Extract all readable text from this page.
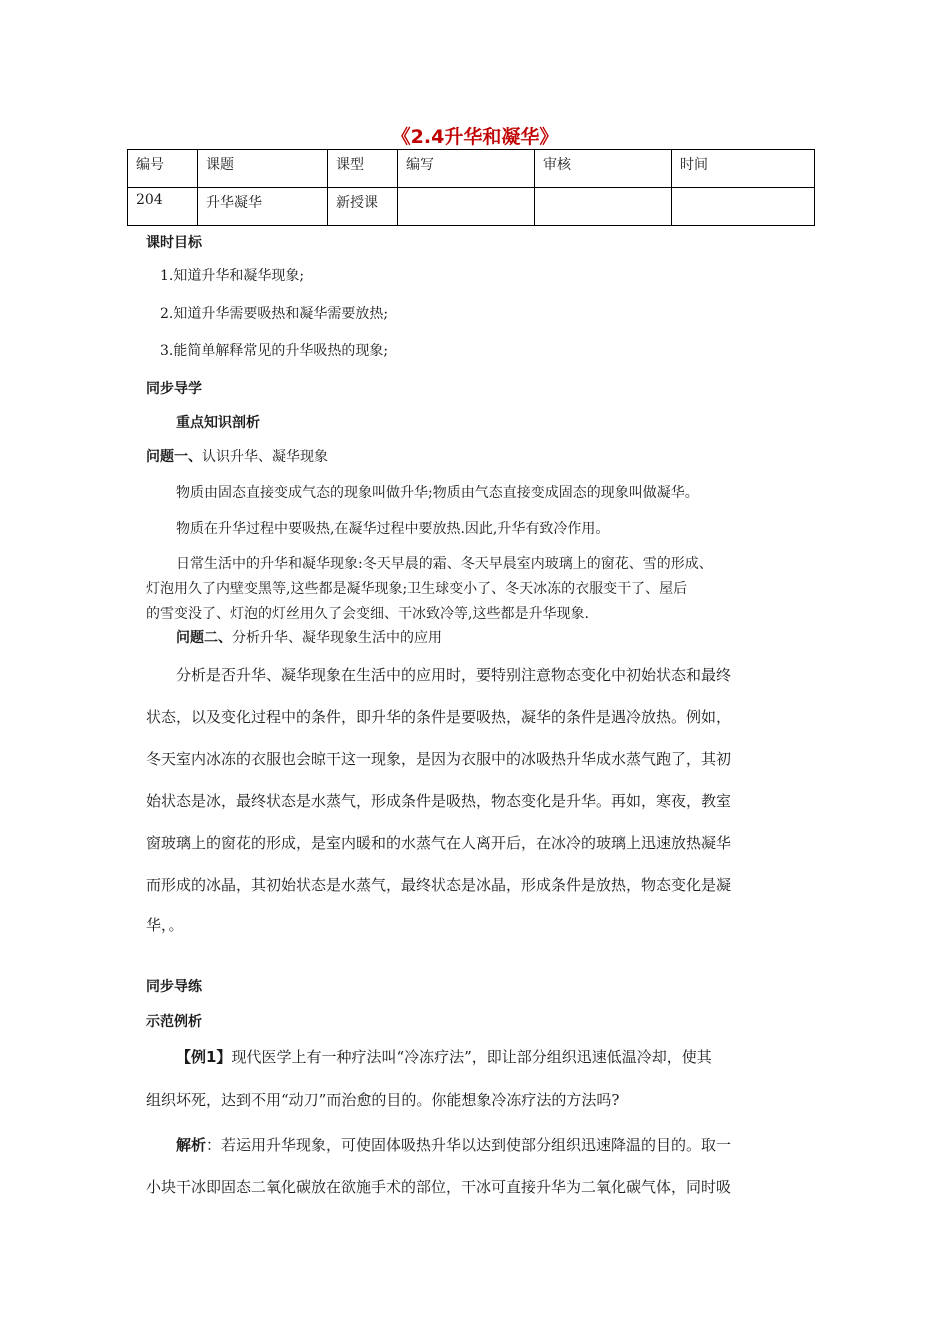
《2.4升华和凝华》
编号	课题	课型	编写	审核	时间
204	升华凝华	新授课			
课时目标
1.知道升华和凝华现象;
2.知道升华需要吸热和凝华需要放热;
3.能简单解释常见的升华吸热的现象;
同步导学
重点知识剖析
问题一、认识升华、凝华现象
物质由固态直接变成气态的现象叫做升华;物质由气态直接变成固态的现象叫做凝华。
物质在升华过程中要吸热,在凝华过程中要放热.因此,升华有致冷作用。
日常生活中的升华和凝华现象:冬天早晨的霜、冬天早晨室内玻璃上的窗花、雪的形成、
灯泡用久了内壁变黑等,这些都是凝华现象;卫生球变小了、冬天冰冻的衣服变干了、屋后
的雪变没了、灯泡的灯丝用久了会变细、干冰致冷等,这些都是升华现象.
问题二、分析升华、凝华现象生活中的应用
分析是否升华、凝华现象在生活中的应用时，要特别注意物态变化中初始状态和最终
状态，以及变化过程中的条件，即升华的条件是要吸热，凝华的条件是遇冷放热。例如，
冬天室内冰冻的衣服也会晾干这一现象，是因为衣服中的冰吸热升华成水蒸气跑了，其初
始状态是冰，最终状态是水蒸气，形成条件是吸热，物态变化是升华。再如，寒夜，教室
窗玻璃上的窗花的形成，是室内暖和的水蒸气在人离开后，在冰冷的玻璃上迅速放热凝华
而形成的冰晶，其初始状态是水蒸气，最终状态是冰晶，形成条件是放热，物态变化是凝
华，。
同步导练
示范例析
【例1】现代医学上有一种疗法叫“冷冻疗法”，即让部分组织迅速低温冷却，使其
组织坏死，达到不用“动刀”而治愈的目的。你能想象冷冻疗法的方法吗?
解析：若运用升华现象，可使固体吸热升华以达到使部分组织迅速降温的目的。取一
小块干冰即固态二氧化碳放在欲施手术的部位，干冰可直接升华为二氧化碳气体，同时吸
